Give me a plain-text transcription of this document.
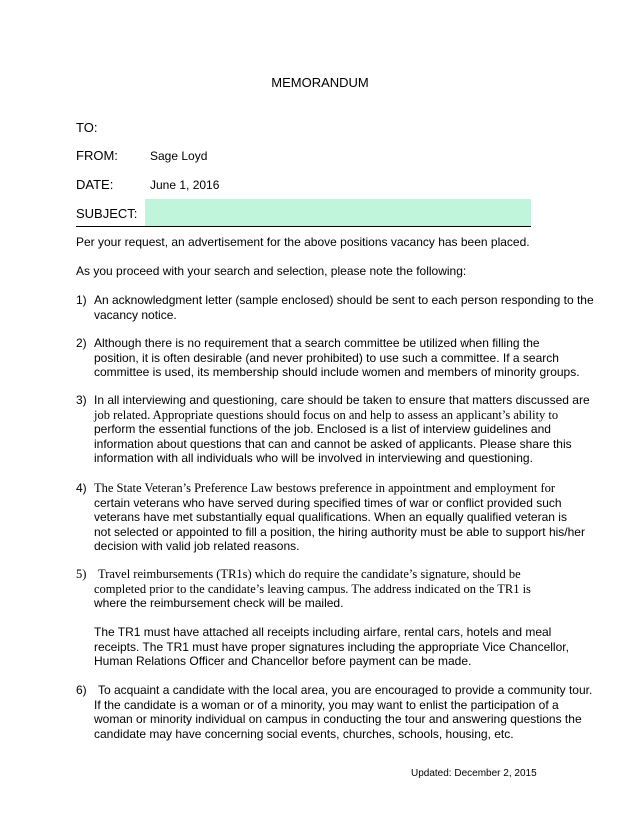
MEMORANDUM
TO:
FROM:	Sage Loyd
DATE:	June 1, 2016
SUBJECT:
Per your request, an advertisement for the above positions vacancy has been placed.
As you proceed with your search and selection, please note the following:
1) An acknowledgment letter (sample enclosed) should be sent to each person responding to the
vacancy notice.
2) Although there is no requirement that a search committee be utilized when filling the
position, it is often desirable (and never prohibited) to use such a committee. If a search
committee is used, its membership should include women and members of minority groups.
3) In all interviewing and questioning, care should be taken to ensure that matters discussed are
job related. Appropriate questions should focus on and help to assess an applicant’s ability to
perform the essential functions of the job. Enclosed is a list of interview guidelines and
information about questions that can and cannot be asked of applicants. Please share this
information with all individuals who will be involved in interviewing and questioning.
4) The State Veteran’s Preference Law bestows preference in appointment and employment for
certain veterans who have served during specified times of war or conflict provided such
veterans have met substantially equal qualifications. When an equally qualified veteran is
not selected or appointed to fill a position, the hiring authority must be able to support his/her
decision with valid job related reasons.
5) Travel reimbursements (TR1s) which do require the candidate’s signature, should be
completed prior to the candidate’s leaving campus. The address indicated on the TR1 is
where the reimbursement check will be mailed.
The TR1 must have attached all receipts including airfare, rental cars, hotels and meal
receipts. The TR1 must have proper signatures including the appropriate Vice Chancellor,
Human Relations Officer and Chancellor before payment can be made.
6) To acquaint a candidate with the local area, you are encouraged to provide a community tour.
If the candidate is a woman or of a minority, you may want to enlist the participation of a
woman or minority individual on campus in conducting the tour and answering questions the
candidate may have concerning social events, churches, schools, housing, etc.
Updated: December 2, 2015
